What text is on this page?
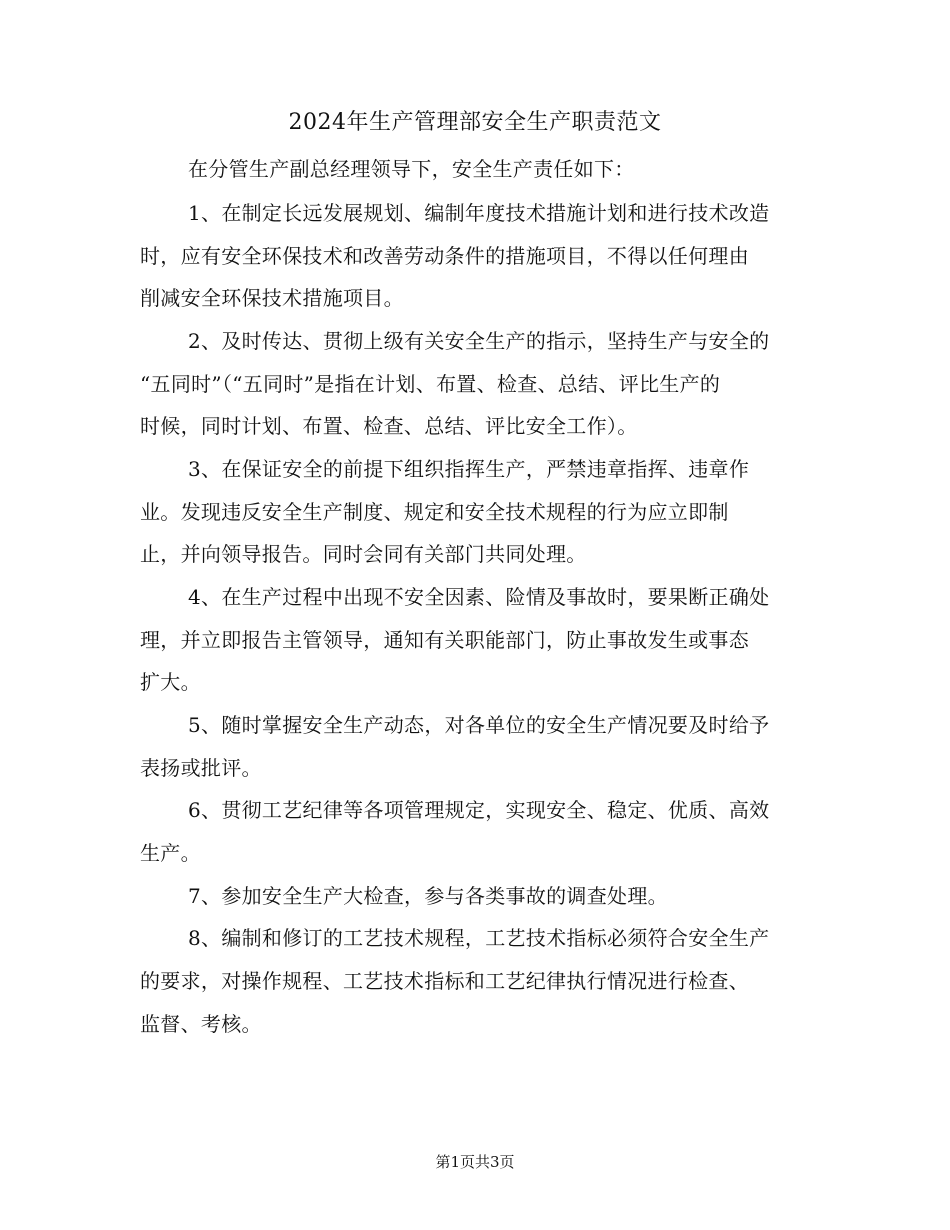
2024年生产管理部安全生产职责范文
在分管生产副总经理领导下，安全生产责任如下：
1、在制定长远发展规划、编制年度技术措施计划和进行技术改造
时，应有安全环保技术和改善劳动条件的措施项目，不得以任何理由
削减安全环保技术措施项目。
2、及时传达、贯彻上级有关安全生产的指示，坚持生产与安全的
“五同时”（“五同时”是指在计划、布置、检查、总结、评比生产的
时候，同时计划、布置、检查、总结、评比安全工作）。
3、在保证安全的前提下组织指挥生产，严禁违章指挥、违章作
业。发现违反安全生产制度、规定和安全技术规程的行为应立即制
止，并向领导报告。同时会同有关部门共同处理。
4、在生产过程中出现不安全因素、险情及事故时，要果断正确处
理，并立即报告主管领导，通知有关职能部门，防止事故发生或事态
扩大。
5、随时掌握安全生产动态，对各单位的安全生产情况要及时给予
表扬或批评。
6、贯彻工艺纪律等各项管理规定，实现安全、稳定、优质、高效
生产。
7、参加安全生产大检查，参与各类事故的调查处理。
8、编制和修订的工艺技术规程，工艺技术指标必须符合安全生产
的要求，对操作规程、工艺技术指标和工艺纪律执行情况进行检查、
监督、考核。
第1页共3页
